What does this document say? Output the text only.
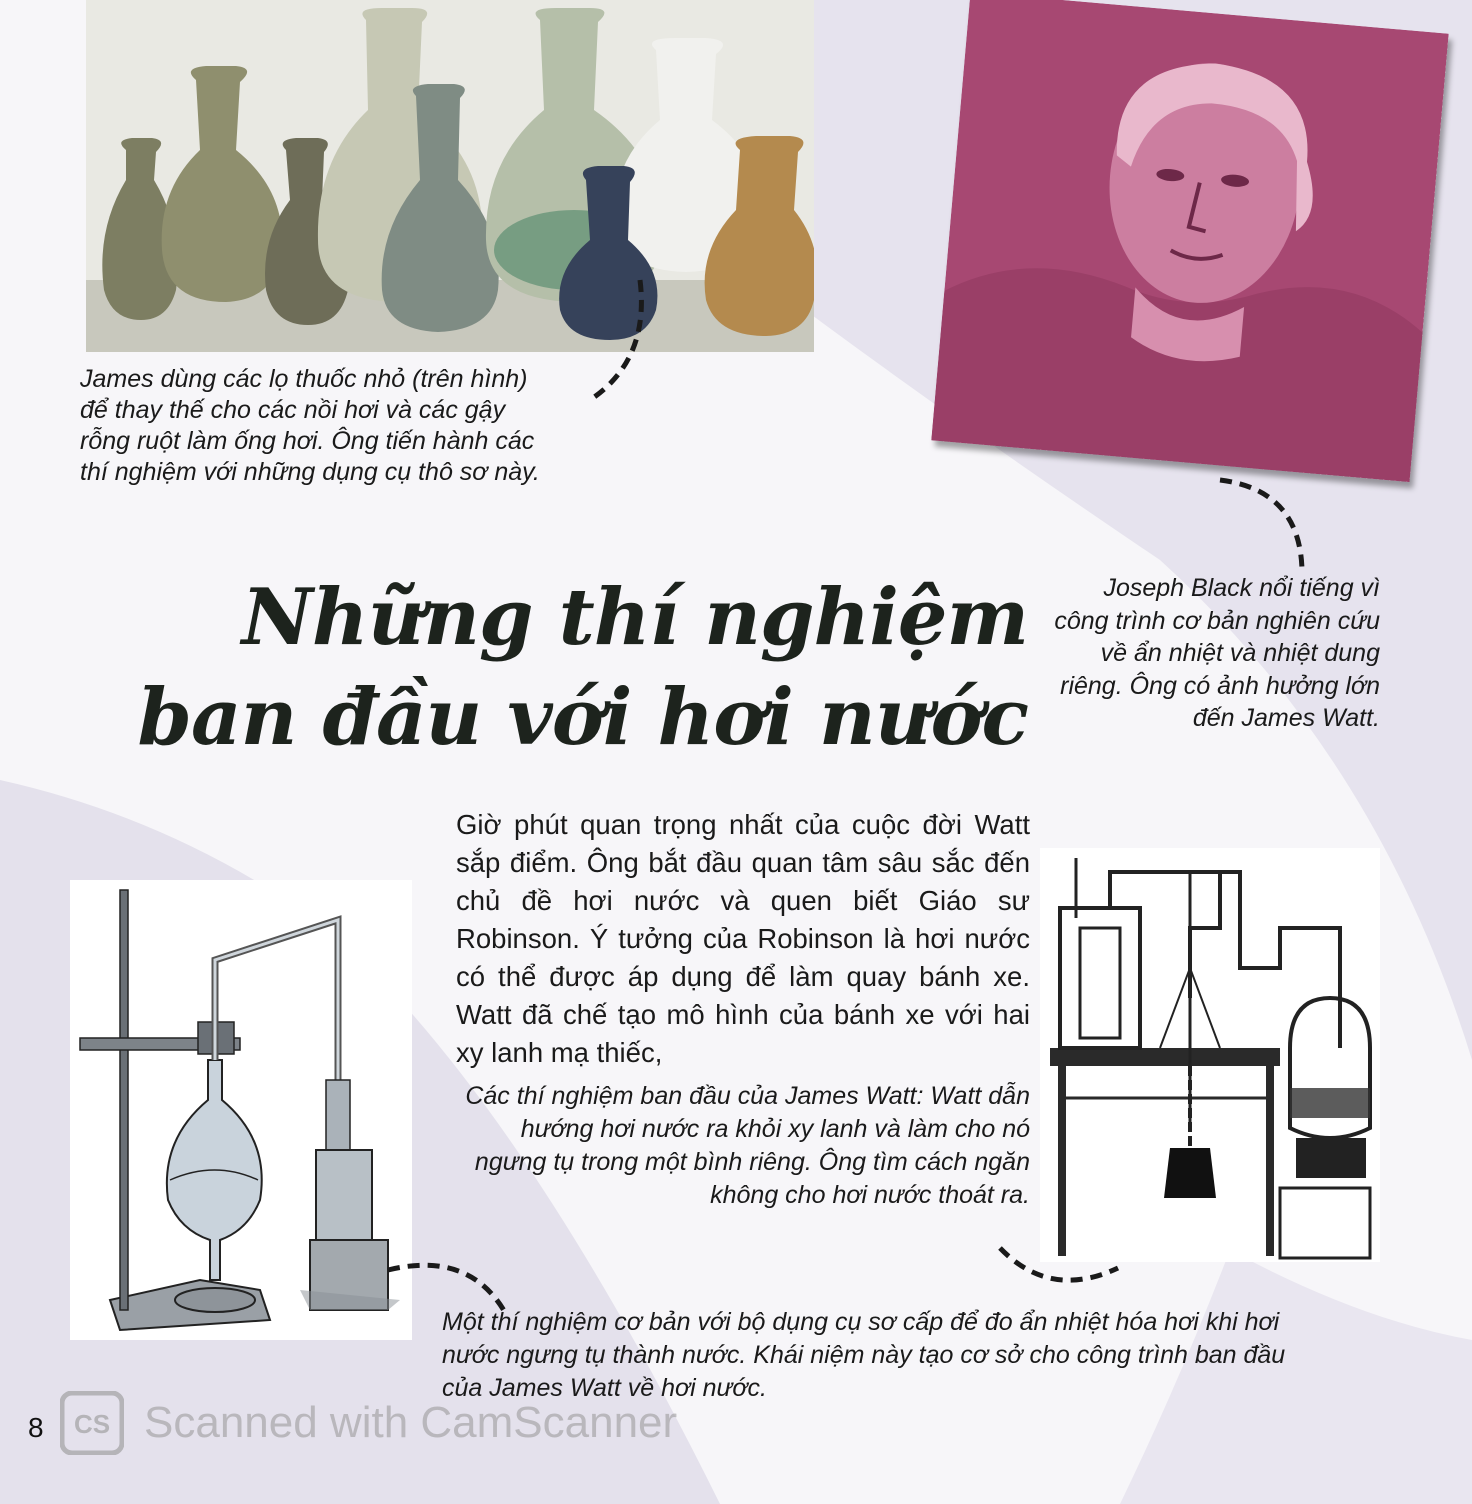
James dùng các lọ thuốc nhỏ (trên hình) để thay thế cho các nồi hơi và các gậy rỗng ruột làm ống hơi. Ông tiến hành các thí nghiệm với những dụng cụ thô sơ này.

Joseph Black nổi tiếng vì công trình cơ bản nghiên cứu về ẩn nhiệt và nhiệt dung riêng. Ông có ảnh hưởng lớn đến James Watt.

Những thí nghiệm
ban đầu với hơi nước

Giờ phút quan trọng nhất của cuộc đời Watt sắp điểm. Ông bắt đầu quan tâm sâu sắc đến chủ đề hơi nước và quen biết Giáo sư Robinson. Ý tưởng của Robinson là hơi nước có thể được áp dụng để làm quay bánh xe. Watt đã chế tạo mô hình của bánh xe với hai xy lanh mạ thiếc,

Các thí nghiệm ban đầu của James Watt: Watt dẫn hướng hơi nước ra khỏi xy lanh và làm cho nó ngưng tụ trong một bình riêng. Ông tìm cách ngăn không cho hơi nước thoát ra.

Một thí nghiệm cơ bản với bộ dụng cụ sơ cấp để đo ẩn nhiệt hóa hơi khi hơi nước ngưng tụ thành nước. Khái niệm này tạo cơ sở cho công trình ban đầu của James Watt về hơi nước.

8 CS Scanned with CamScanner
